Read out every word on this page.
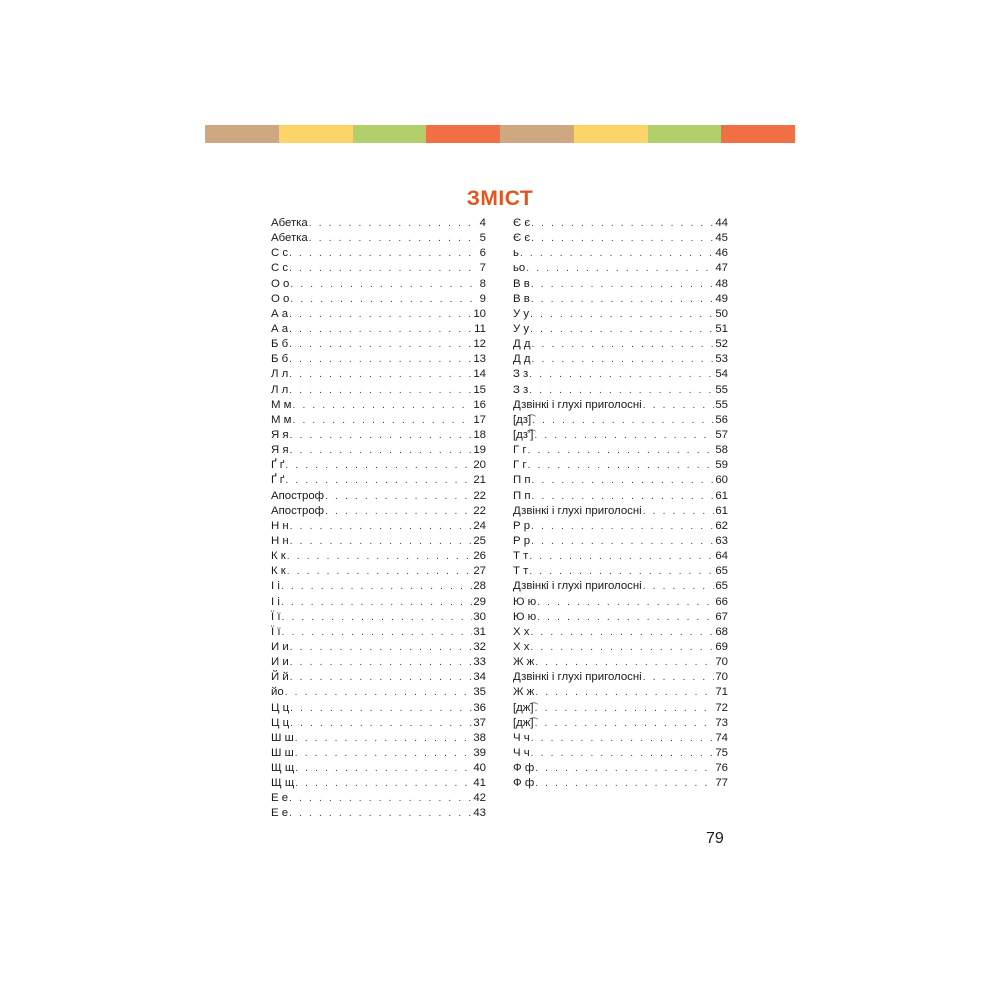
ЗМІСТ
Абетка . . .	4
Абетка . . .	5
С с . . .	6
С с . . .	7
О о . . .	8
О о . . .	9
А а . . .	10
А а . . .	11
Б б . . .	12
Б б . . .	13
Л л . . .	14
Л л . . .	15
М м . . .	16
М м . . .	17
Я я . . .	18
Я я . . .	19
Ґ ґ . . .	20
Ґ ґ . . .	21
Апостроф . . .	22
Апостроф . . .	22
Н н . . .	24
Н н . . .	25
К к . . .	26
К к . . .	27
І і . . .	28
І і . . .	29
Ї ї . . .	30
Ї ї . . .	31
И и . . .	32
И и . . .	33
Й й . . .	34
йо . . .	35
Ц ц . . .	36
Ц ц . . .	37
Ш ш . . .	38
Ш ш . . .	39
Щ щ . . .	40
Щ щ . . .	41
Е е . . .	42
Е е . . .	43
Є є . . .	44
Є є . . .	45
ь . . .	46
ьо . . .	47
В в . . .	48
В в . . .	49
У у . . .	50
У у . . .	51
Д д . . .	52
Д д . . .	53
З з . . .	54
З з . . .	55
Дзвінкі і глухі приголосні . . .	55
[дз͡] . . .	56
[дз͡'] . . .	57
Г г . . .	58
Г г . . .	59
П п . . .	60
П п . . .	61
Дзвінкі і глухі приголосні . . .	61
Р р . . .	62
Р р . . .	63
Т т . . .	64
Т т . . .	65
Дзвінкі і глухі приголосні . . .	65
Ю ю . . .	66
Ю ю . . .	67
Х х . . .	68
Х х . . .	69
Ж ж . . .	70
Дзвінкі і глухі приголосні . . .	70
Ж ж . . .	71
[дж͡] . . .	72
[дж͡] . . .	73
Ч ч . . .	74
Ч ч . . .	75
Ф ф . . .	76
Ф ф . . .	77
79
